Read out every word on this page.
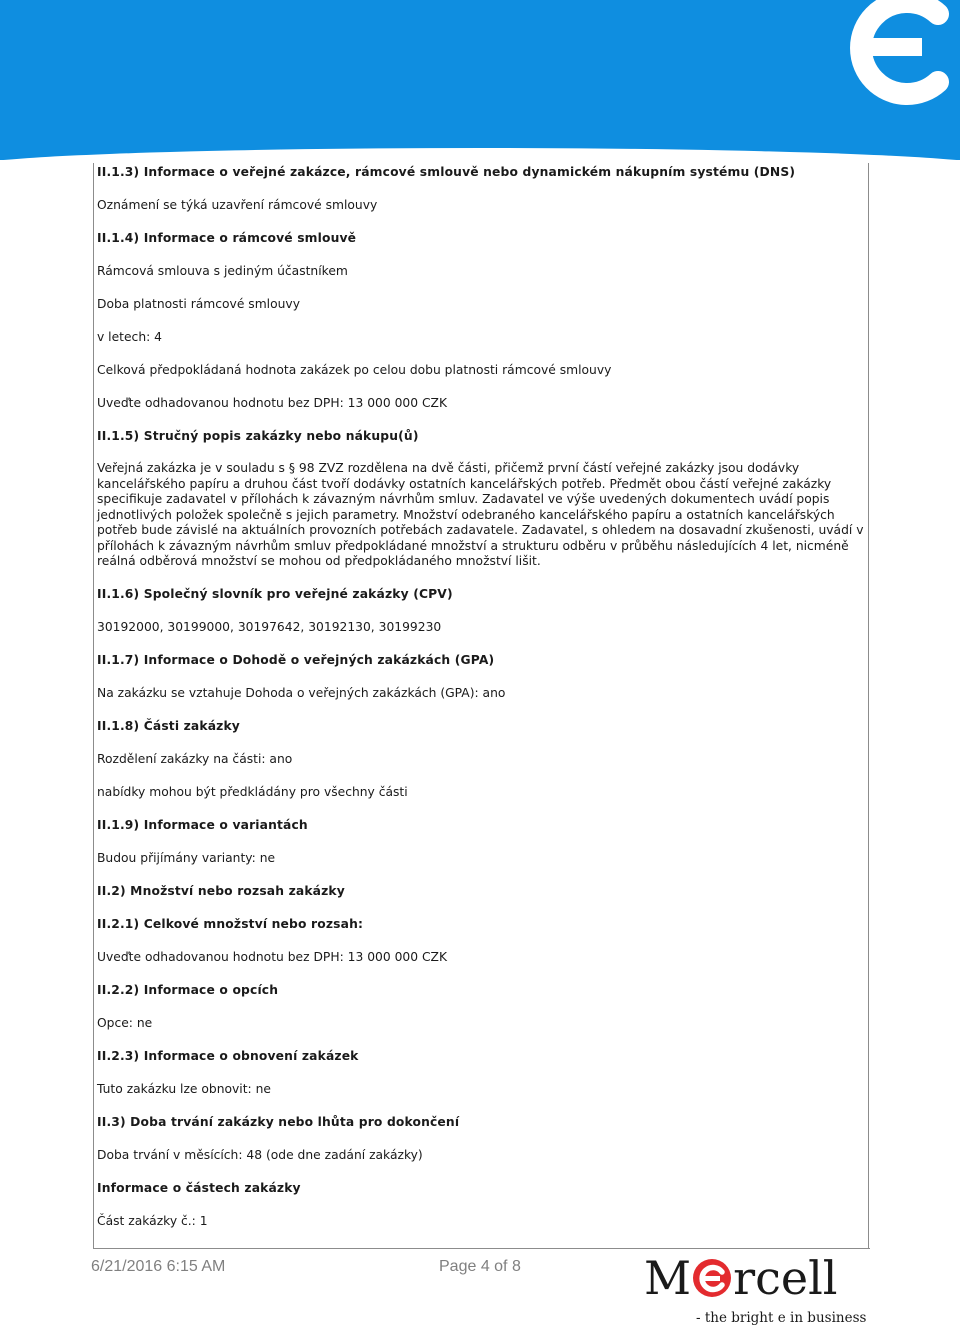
II.1.3) Informace o veřejné zakázce, rámcové smlouvě nebo dynamickém nákupním systému (DNS)
Oznámení se týká uzavření rámcové smlouvy
II.1.4) Informace o rámcové smlouvě
Rámcová smlouva s jediným účastníkem
Doba platnosti rámcové smlouvy
v letech: 4
Celková předpokládaná hodnota zakázek po celou dobu platnosti rámcové smlouvy
Uveďte odhadovanou hodnotu bez DPH: 13 000 000 CZK
II.1.5) Stručný popis zakázky nebo nákupu(ů)
Veřejná zakázka je v souladu s § 98 ZVZ rozdělena na dvě části, přičemž první částí veřejné zakázky jsou dodávky kancelářského papíru a druhou část tvoří dodávky ostatních kancelářských potřeb. Předmět obou částí veřejné zakázky specifikuje zadavatel v přílohách k závazným návrhům smluv. Zadavatel ve výše uvedených dokumentech uvádí popis jednotlivých položek společně s jejich parametry. Množství odebraného kancelářského papíru a ostatních kancelářských potřeb bude závislé na aktuálních provozních potřebách zadavatele. Zadavatel, s ohledem na dosavadní zkušenosti, uvádí v přílohách k závazným návrhům smluv předpokládané množství a strukturu odběru v průběhu následujících 4 let, nicméně reálná odběrová množství se mohou od předpokládaného množství lišit.
II.1.6) Společný slovník pro veřejné zakázky (CPV)
30192000, 30199000, 30197642, 30192130, 30199230
II.1.7) Informace o Dohodě o veřejných zakázkách (GPA)
Na zakázku se vztahuje Dohoda o veřejných zakázkách (GPA): ano
II.1.8) Části zakázky
Rozdělení zakázky na části: ano
nabídky mohou být předkládány pro všechny části
II.1.9) Informace o variantách
Budou přijímány varianty: ne
II.2) Množství nebo rozsah zakázky
II.2.1) Celkové množství nebo rozsah:
Uveďte odhadovanou hodnotu bez DPH: 13 000 000 CZK
II.2.2) Informace o opcích
Opce: ne
II.2.3) Informace o obnovení zakázek
Tuto zakázku lze obnovit: ne
II.3) Doba trvání zakázky nebo lhůta pro dokončení
Doba trvání v měsících: 48 (ode dne zadání zakázky)
Informace o částech zakázky
Část zakázky č.: 1
6/21/2016 6:15 AM	Page 4 of 8	M rcell
- the bright e in business
